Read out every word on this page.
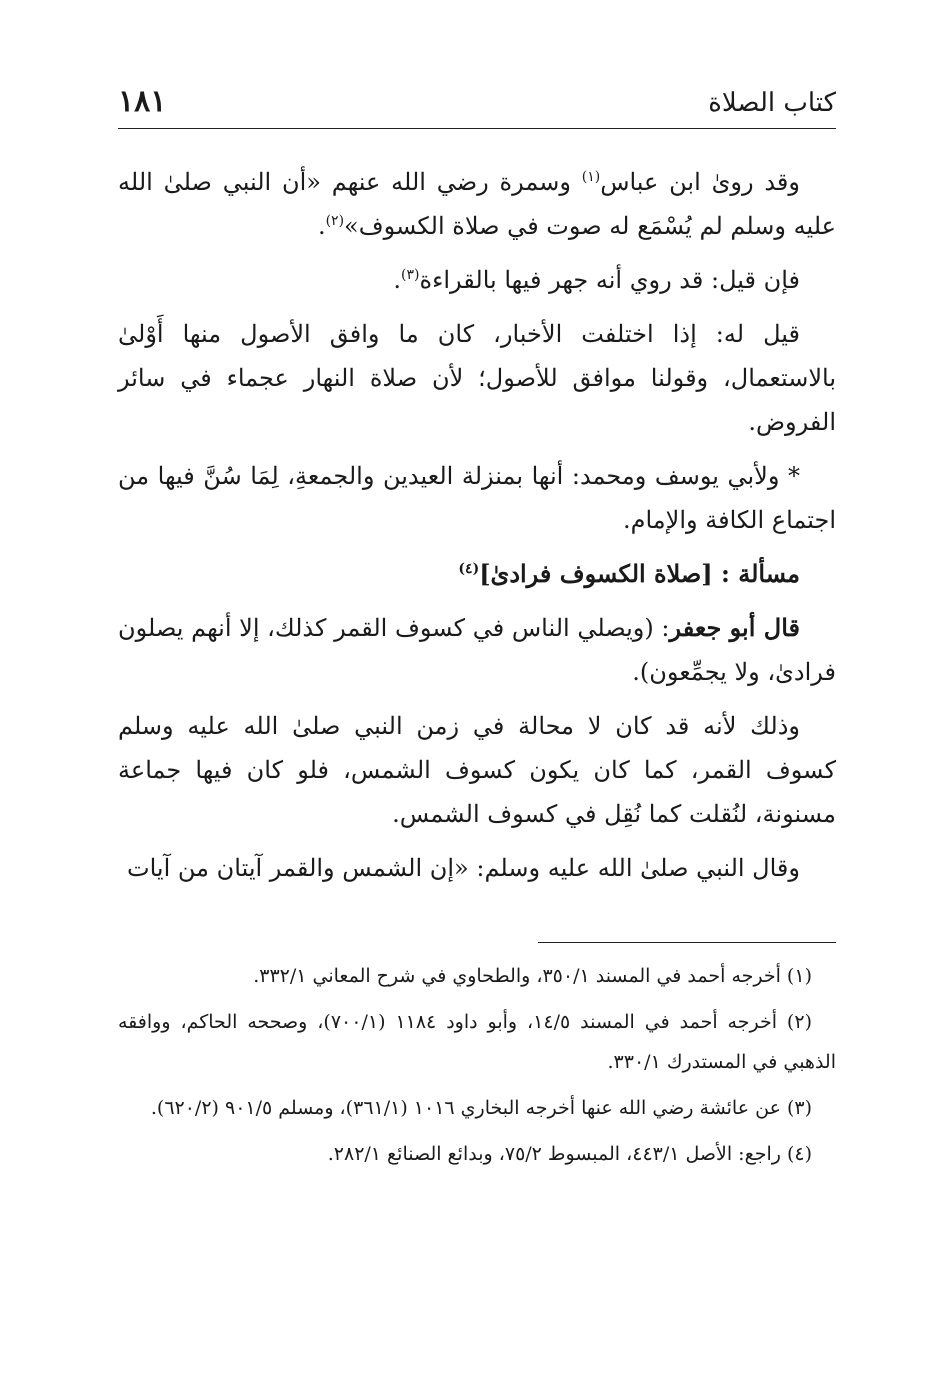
كتاب الصلاة
١٨١

وقد رویٰ ابن عباس$^{(١)}$ وسمرة رضي الله عنهم «أن النبي صلىٰ الله عليه وسلم لم يُسْمَع له صوت في صلاة الكسوف»$^{(٢)}$.

فإن قيل: قد روي أنه جهر فيها بالقراءة$^{(٣)}$.

قيل له: إذا اختلفت الأخبار، كان ما وافق الأصول منها أَوْلىٰ بالاستعمال، وقولنا موافق للأصول؛ لأن صلاة النهار عجماء في سائر الفروض.

* ولأبي يوسف ومحمد: أنها بمنزلة العيدين والجمعةِ، لِمَا سُنَّ فيها من اجتماع الكافة والإمام.

مسألة : [صلاة الكسوف فرادىٰ]$^{(٤)}$

قال أبو جعفر: (ويصلي الناس في كسوف القمر كذلك، إلا أنهم يصلون فرادىٰ، ولا يجمِّعون).

وذلك لأنه قد كان لا محالة في زمن النبي صلىٰ الله عليه وسلم كسوف القمر، كما كان يكون كسوف الشمس، فلو كان فيها جماعة مسنونة، لنُقلت كما نُقِل في كسوف الشمس.

وقال النبي صلىٰ الله عليه وسلم: «إن الشمس والقمر آيتان من آيات

(١) أخرجه أحمد في المسند ٣٥٠/١، والطحاوي في شرح المعاني ٣٣٢/١.

(٢) أخرجه أحمد في المسند ١٤/٥، وأبو داود ١١٨٤ (٧٠٠/١)، وصححه الحاكم، ووافقه الذهبي في المستدرك ٣٣٠/١.

(٣) عن عائشة رضي الله عنها أخرجه البخاري ١٠١٦ (٣٦١/١)، ومسلم ٩٠١/٥ (٦٢٠/٢).

(٤) راجع: الأصل ٤٤٣/١، المبسوط ٧٥/٢، وبدائع الصنائع ٢٨٢/١.
